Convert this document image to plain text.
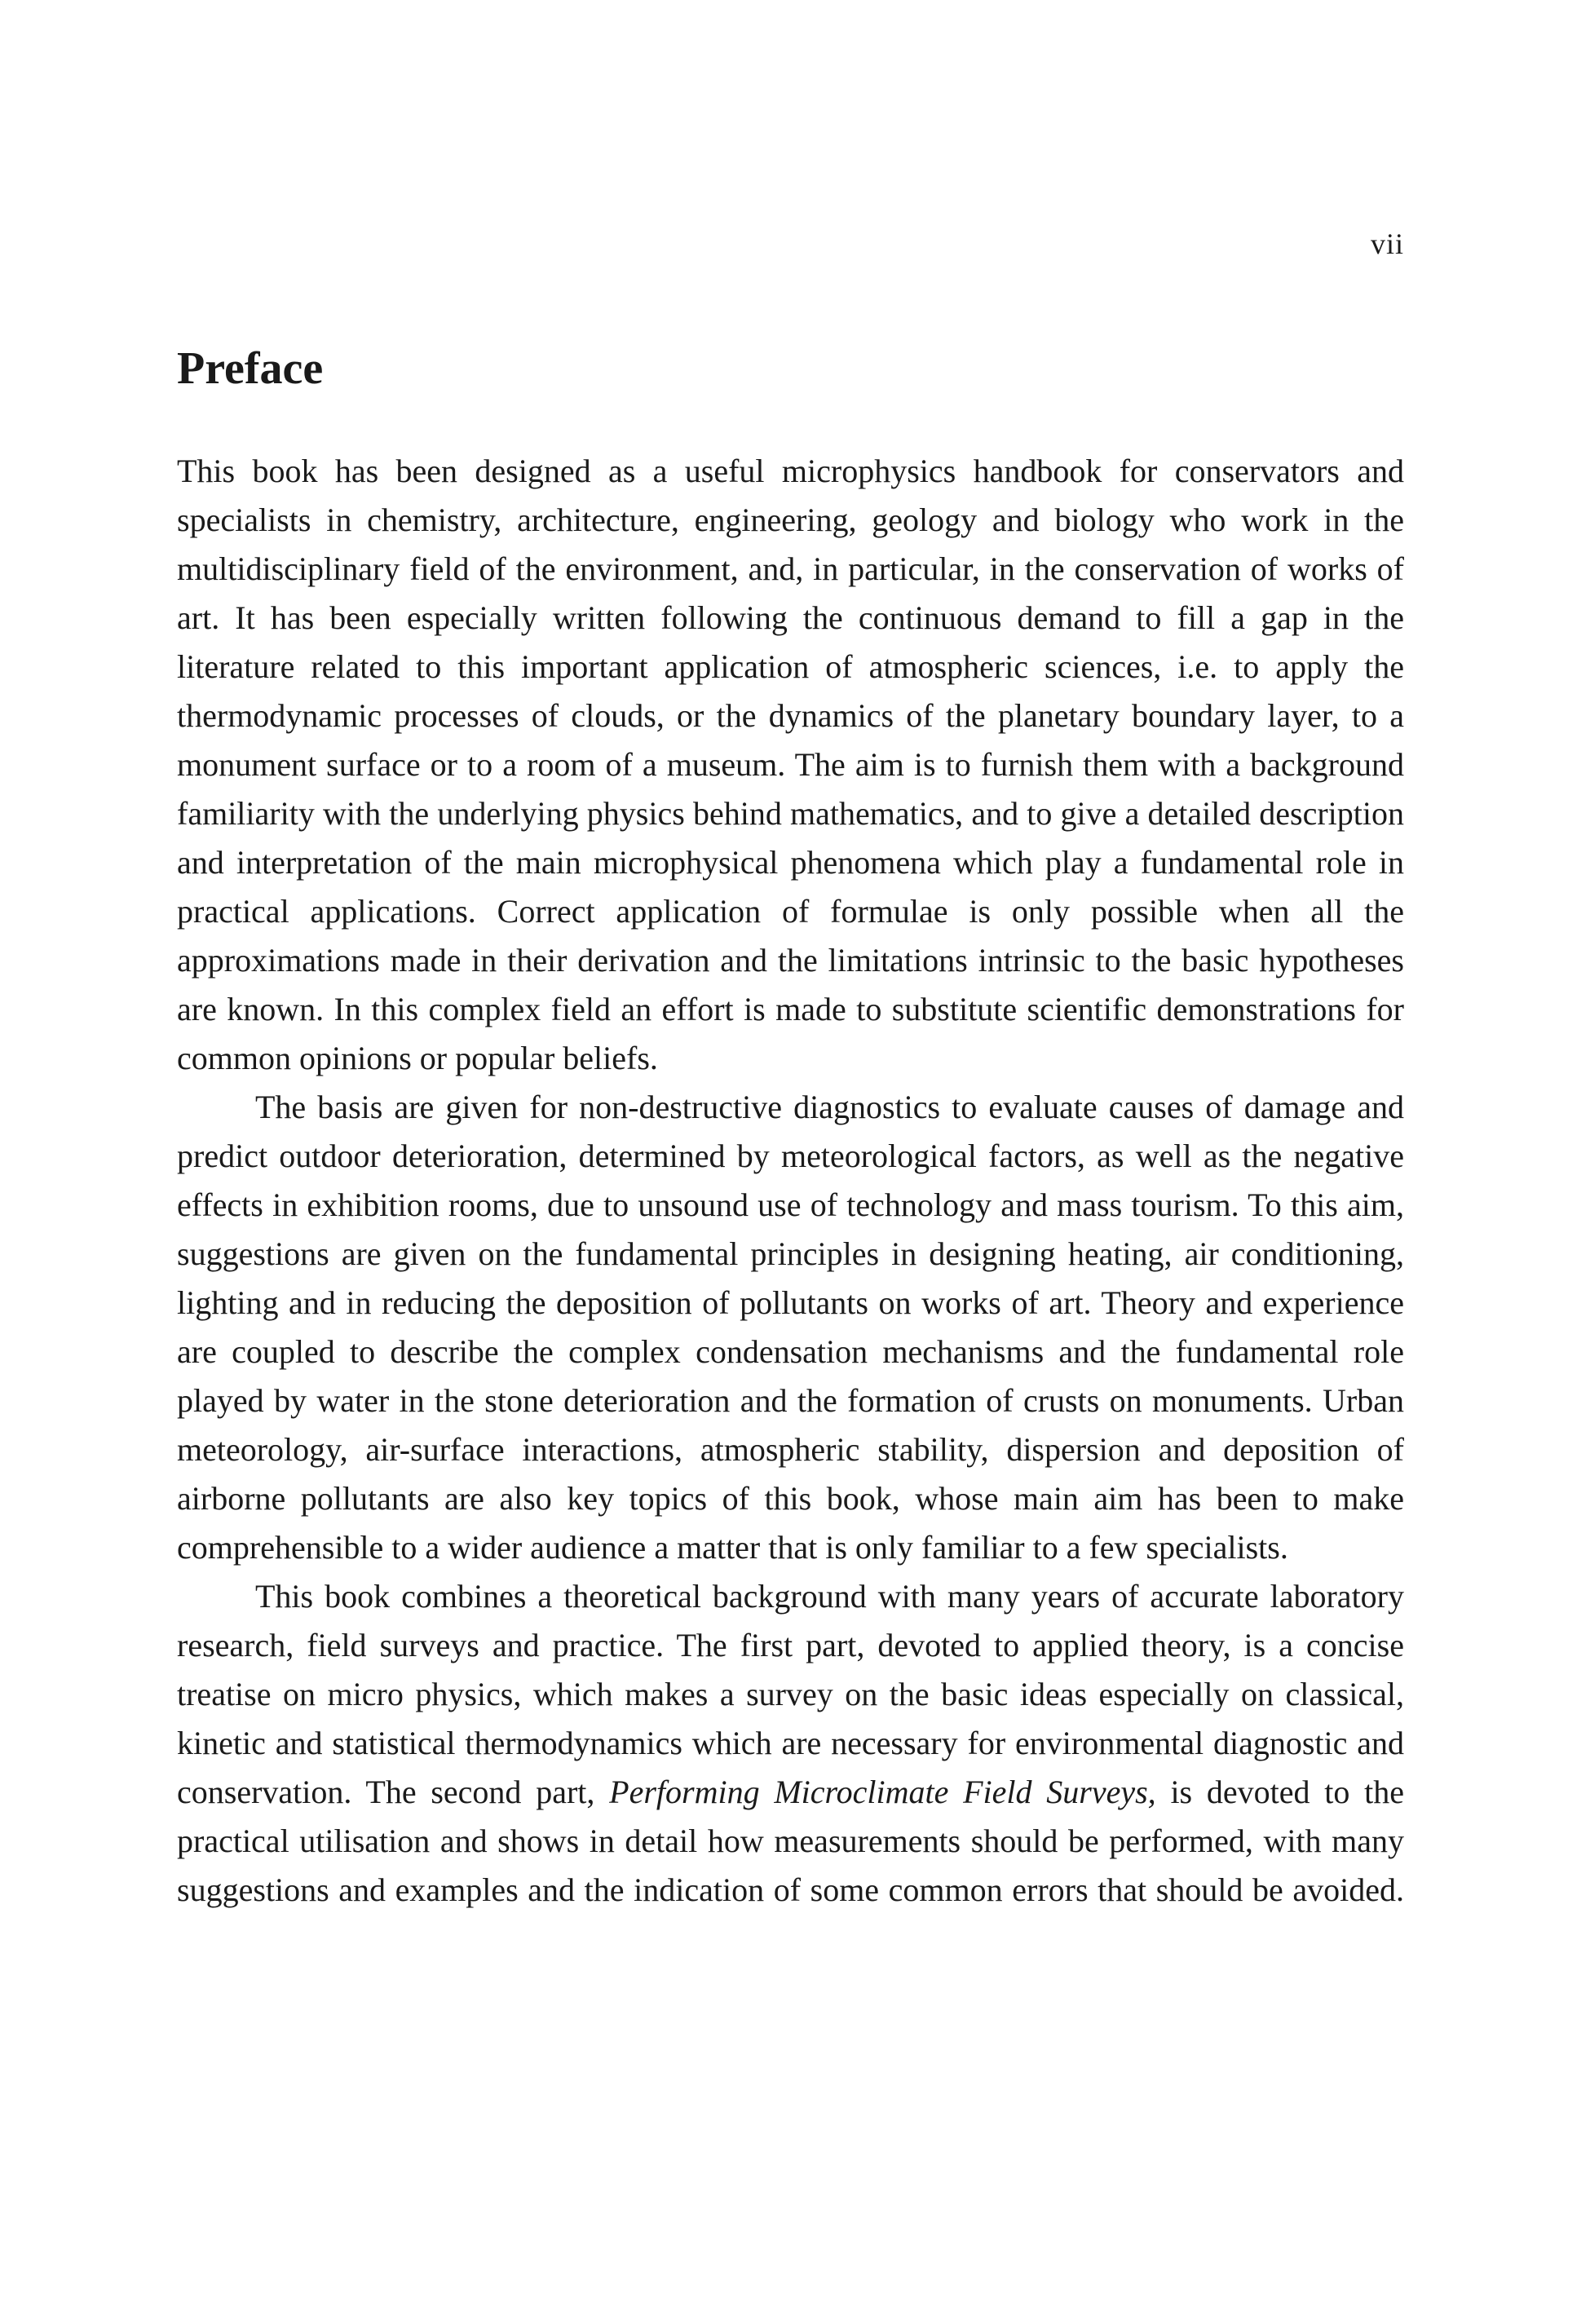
vii
Preface

This book has been designed as a useful microphysics handbook for conservators and specialists in chemistry, architecture, engineering, geology and biology who work in the multidisciplinary field of the environment, and, in particular, in the conservation of works of art. It has been especially written following the continuous demand to fill a gap in the literature related to this important application of atmospheric sciences, i.e. to apply the thermodynamic processes of clouds, or the dynamics of the planetary boundary layer, to a monument surface or to a room of a museum. The aim is to furnish them with a background familiarity with the underlying physics behind mathematics, and to give a detailed description and interpretation of the main microphysical phenomena which play a fundamental role in practical applications. Correct application of formulae is only possible when all the approximations made in their derivation and the limitations intrinsic to the basic hypotheses are known. In this complex field an effort is made to substitute scientific demonstrations for common opinions or popular beliefs.

The basis are given for non-destructive diagnostics to evaluate causes of damage and predict outdoor deterioration, determined by meteorological factors, as well as the negative effects in exhibition rooms, due to unsound use of technology and mass tourism. To this aim, suggestions are given on the fundamental principles in designing heating, air conditioning, lighting and in reducing the deposition of pollutants on works of art. Theory and experience are coupled to describe the complex condensation mechanisms and the fundamental role played by water in the stone deterioration and the formation of crusts on monuments. Urban meteorology, air-surface interactions, atmospheric stability, dispersion and deposition of airborne pollutants are also key topics of this book, whose main aim has been to make comprehensible to a wider audience a matter that is only familiar to a few specialists.

This book combines a theoretical background with many years of accurate laboratory research, field surveys and practice. The first part, devoted to applied theory, is a concise treatise on micro physics, which makes a survey on the basic ideas especially on classical, kinetic and statistical thermodynamics which are necessary for environmental diagnostic and conservation. The second part, Performing Microclimate Field Surveys, is devoted to the practical utilisation and shows in detail how measurements should be performed, with many suggestions and examples and the indication of some common errors that should be avoided.
